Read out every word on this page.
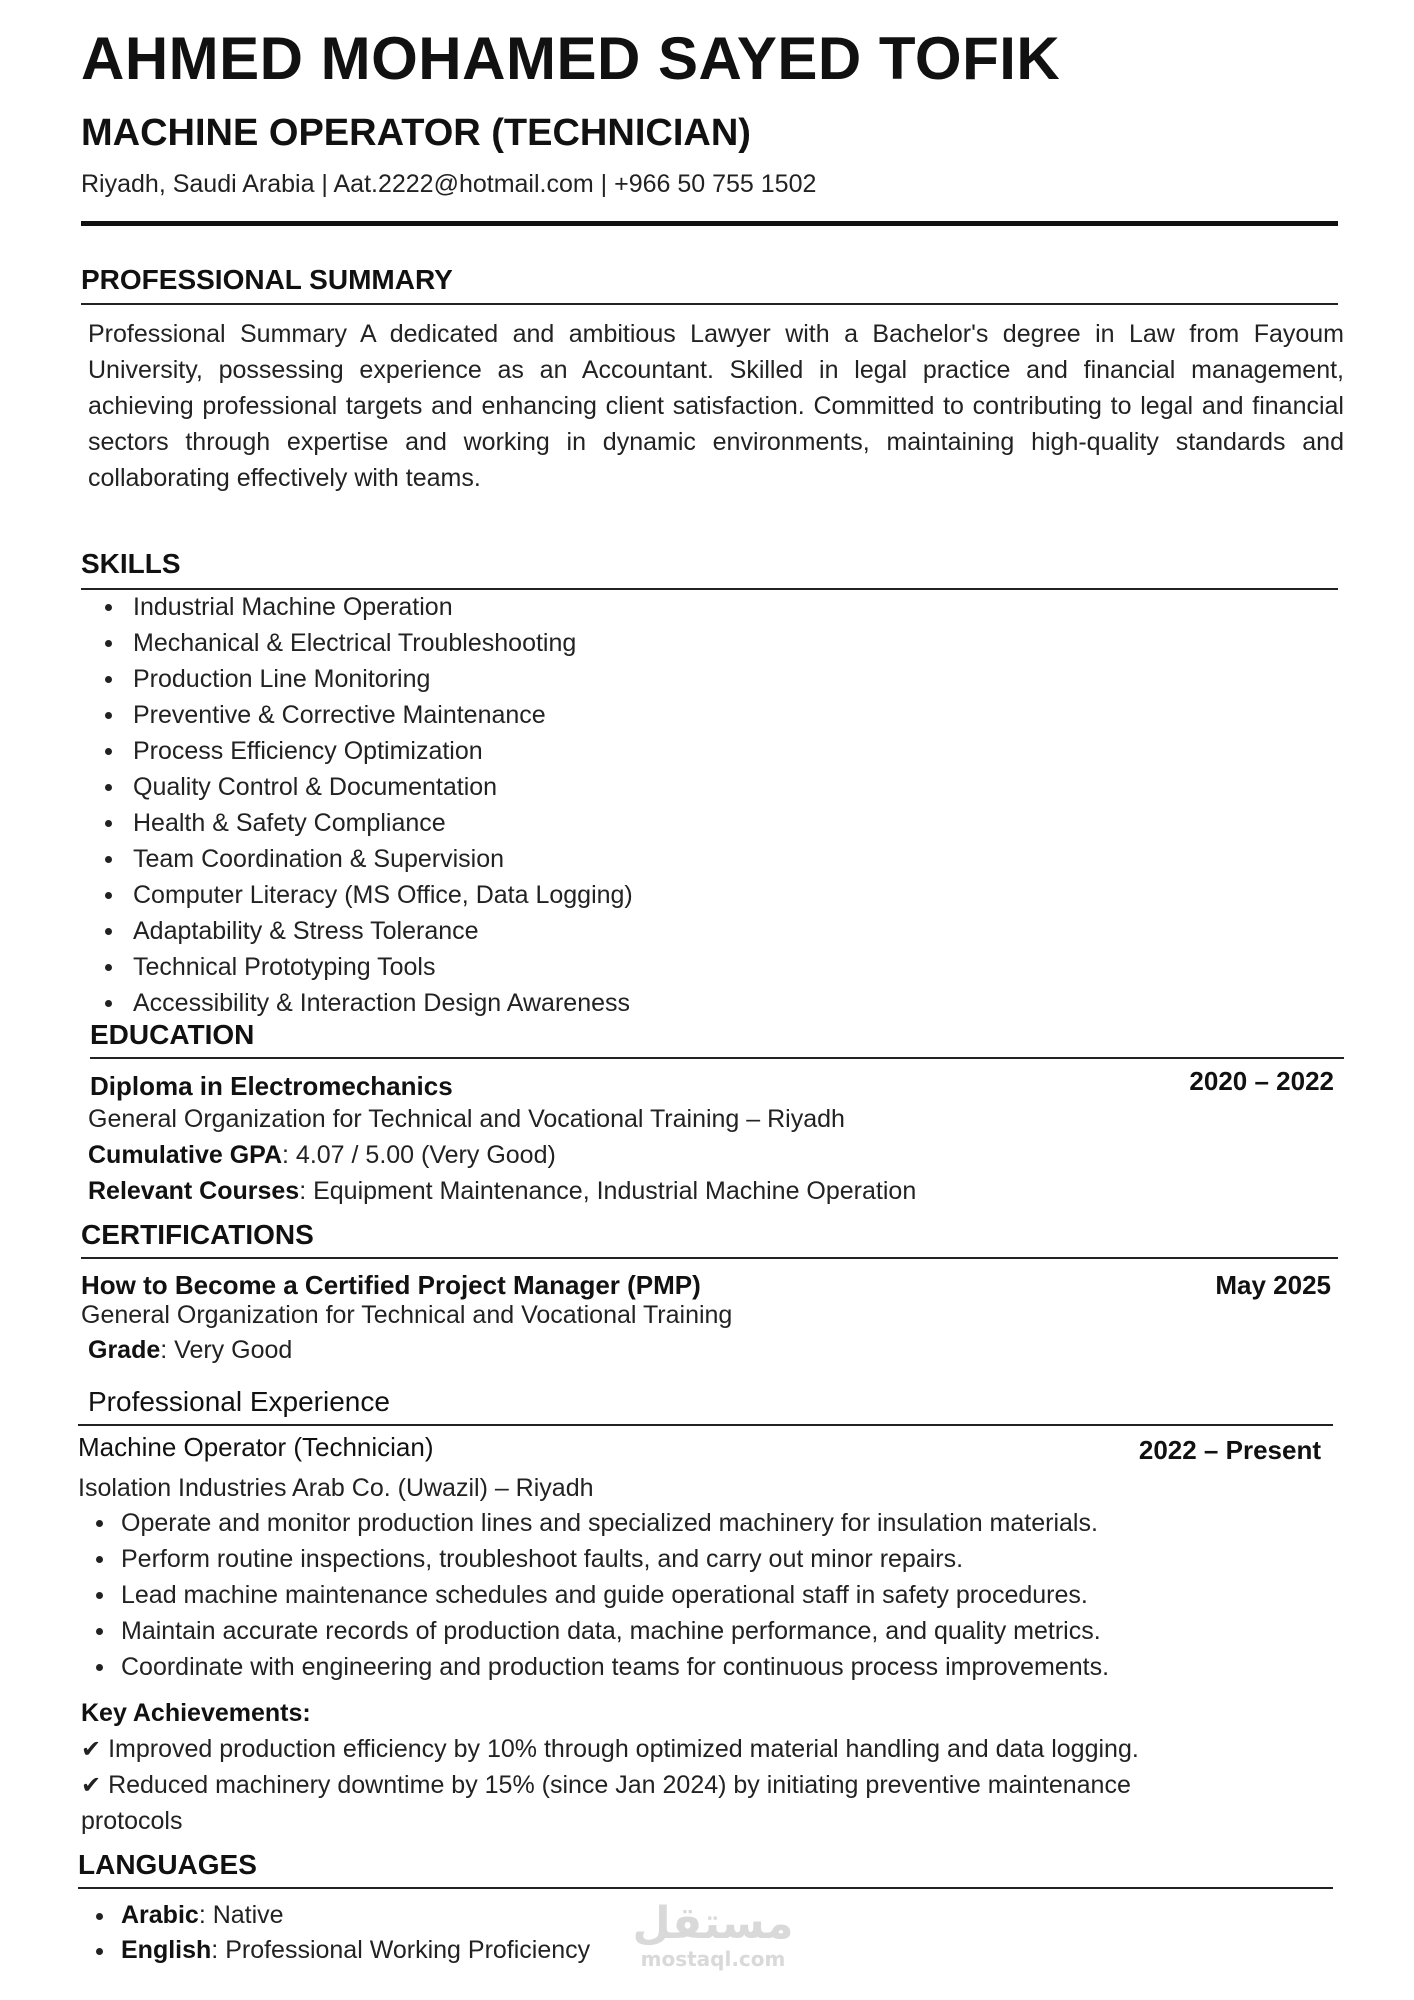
AHMED MOHAMED SAYED TOFIK
MACHINE OPERATOR (TECHNICIAN)
Riyadh, Saudi Arabia | Aat.2222@hotmail.com | +966 50 755 1502
PROFESSIONAL SUMMARY
Professional Summary A dedicated and ambitious Lawyer with a Bachelor's degree in Law from Fayoum University, possessing experience as an Accountant. Skilled in legal practice and financial management, achieving professional targets and enhancing client satisfaction. Committed to contributing to legal and financial sectors through expertise and working in dynamic environments, maintaining high-quality standards and collaborating effectively with teams.
SKILLS
Industrial Machine Operation
Mechanical & Electrical Troubleshooting
Production Line Monitoring
Preventive & Corrective Maintenance
Process Efficiency Optimization
Quality Control & Documentation
Health & Safety Compliance
Team Coordination & Supervision
Computer Literacy (MS Office, Data Logging)
Adaptability & Stress Tolerance
Technical Prototyping Tools
Accessibility & Interaction Design Awareness
EDUCATION
Diploma in Electromechanics	2020 – 2022
General Organization for Technical and Vocational Training – Riyadh
Cumulative GPA: 4.07 / 5.00 (Very Good)
Relevant Courses: Equipment Maintenance, Industrial Machine Operation
CERTIFICATIONS
How to Become a Certified Project Manager (PMP)	May 2025
General Organization for Technical and Vocational Training
Grade: Very Good
Professional Experience
Machine Operator (Technician)	2022 – Present
Isolation Industries Arab Co. (Uwazil) – Riyadh
Operate and monitor production lines and specialized machinery for insulation materials.
Perform routine inspections, troubleshoot faults, and carry out minor repairs.
Lead machine maintenance schedules and guide operational staff in safety procedures.
Maintain accurate records of production data, machine performance, and quality metrics.
Coordinate with engineering and production teams for continuous process improvements.
Key Achievements:
✔ Improved production efficiency by 10% through optimized material handling and data logging.
✔ Reduced machinery downtime by 15% (since Jan 2024) by initiating preventive maintenance
protocols
LANGUAGES
Arabic: Native
English: Professional Working Proficiency
مستقل
mostaql.com
